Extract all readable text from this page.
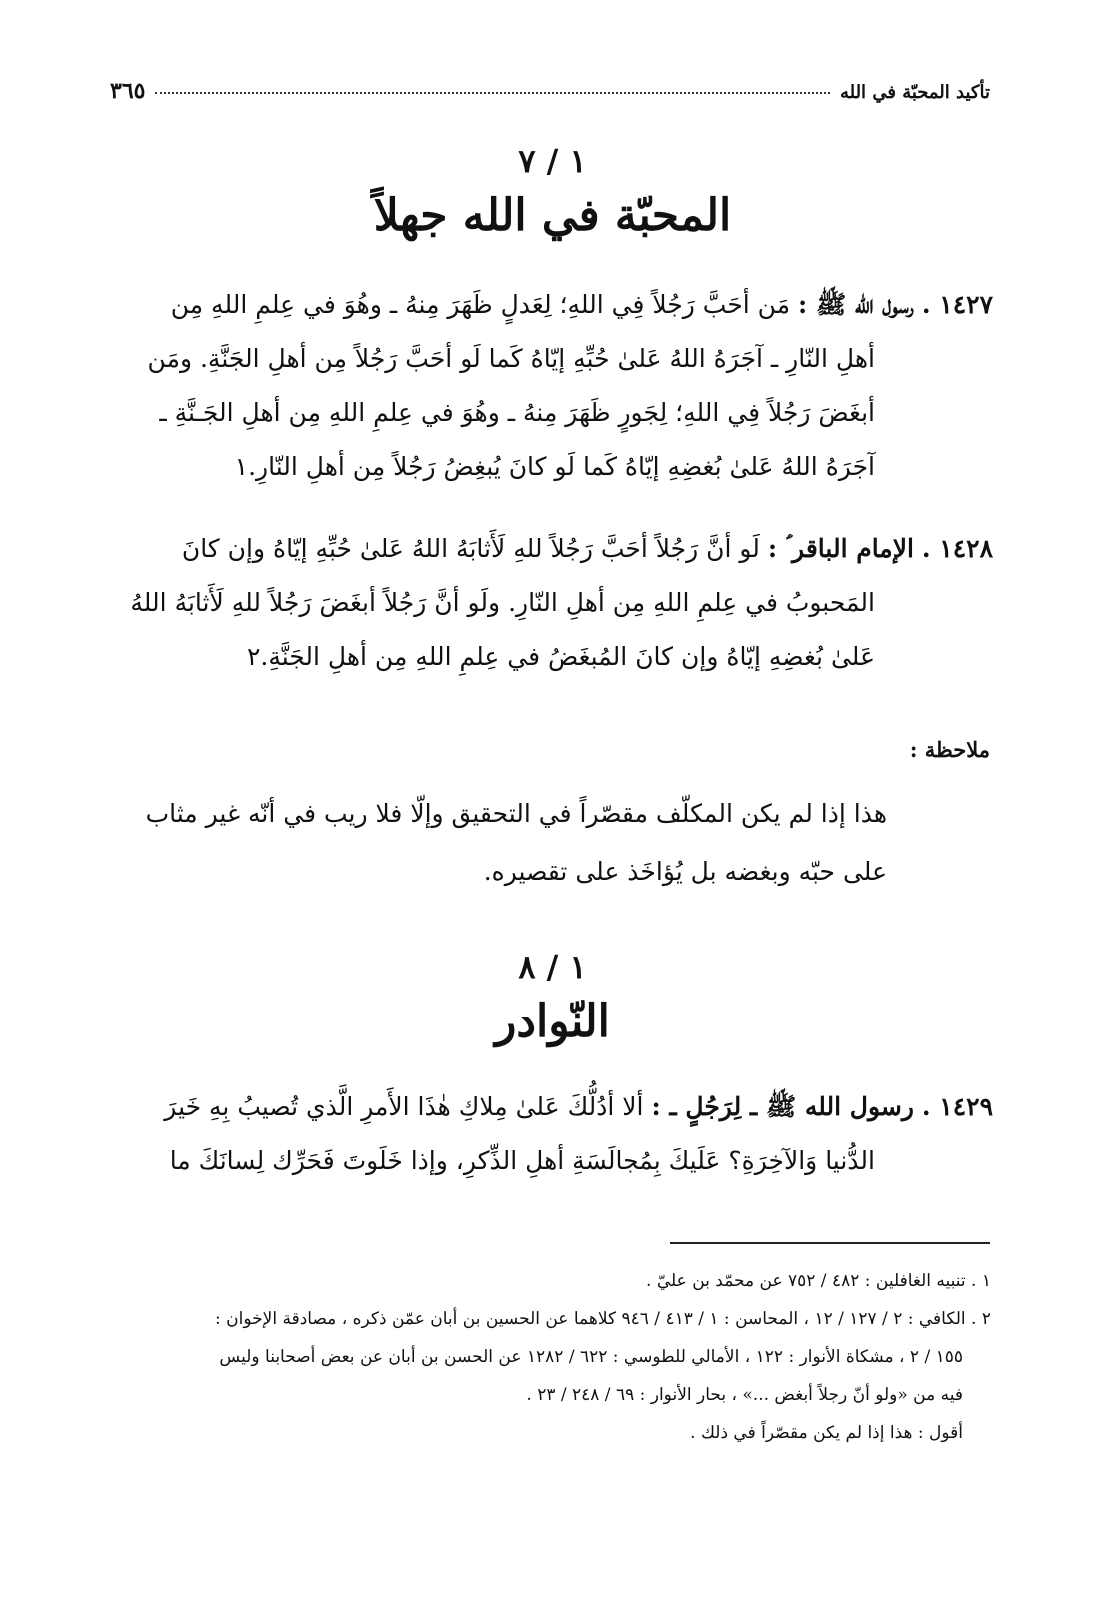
تأكيد المحبّة في الله
٣٦٥
١ / ٧
المحبّة في الله جهلاً
١٤٢٧ . رسول الله ﷺ : مَن أحَبَّ رَجُلاً فِي اللهِ؛ لِعَدلٍ ظَهَرَ مِنهُ ـ وهُوَ في عِلمِ اللهِ مِن
أهلِ النّارِ ـ آجَرَهُ اللهُ عَلىٰ حُبِّهِ إيّاهُ كَما لَو أحَبَّ رَجُلاً مِن أهلِ الجَنَّةِ. ومَن
أبغَضَ رَجُلاً فِي اللهِ؛ لِجَورٍ ظَهَرَ مِنهُ ـ وهُوَ في عِلمِ اللهِ مِن أهلِ الجَـنَّةِ ـ
آجَرَهُ اللهُ عَلىٰ بُغضِهِ إيّاهُ كَما لَو كانَ يُبغِضُ رَجُلاً مِن أهلِ النّارِ.١
١٤٢٨ . الإمام الباقر ؑ : لَو أنَّ رَجُلاً أحَبَّ رَجُلاً للهِ لَأَثابَهُ اللهُ عَلىٰ حُبِّهِ إيّاهُ وإن كانَ
المَحبوبُ في عِلمِ اللهِ مِن أهلِ النّارِ. ولَو أنَّ رَجُلاً أبغَضَ رَجُلاً للهِ لَأَثابَهُ اللهُ
عَلىٰ بُغضِهِ إيّاهُ وإن كانَ المُبغَضُ في عِلمِ اللهِ مِن أهلِ الجَنَّةِ.٢
ملاحظة :
هذا إذا لم يكن المكلّف مقصّراً في التحقيق وإلّا فلا ريب في أنّه غير مثاب
على حبّه وبغضه بل يُؤاخَذ على تقصيره.
١ / ٨
النّوادر
١٤٢٩ . رسول الله ﷺ ـ لِرَجُلٍ ـ : ألا أدُلُّكَ عَلىٰ مِلاكِ هٰذَا الأَمرِ الَّذي تُصيبُ بِهِ خَيرَ
الدُّنيا وَالآخِرَةِ؟ عَلَيكَ بِمُجالَسَةِ أهلِ الذِّكرِ، وإذا خَلَوتَ فَحَرِّك لِسانَكَ ما
١ . تنبيه الغافلين : ٤٨٢ / ٧٥٢ عن محمّد بن عليّ .
٢ . الكافي : ٢ / ١٢٧ / ١٢ ، المحاسن : ١ / ٤١٣ / ٩٤٦ كلاهما عن الحسين بن أبان عمّن ذكره ، مصادقة الإخوان :
١٥٥ / ٢ ، مشكاة الأنوار : ١٢٢ ، الأمالي للطوسي : ٦٢٢ / ١٢٨٢ عن الحسن بن أبان عن بعض أصحابنا وليس
فيه من «ولو أنّ رجلاً أبغض ...» ، بحار الأنوار : ٦٩ / ٢٤٨ / ٢٣ .
أقول : هذا إذا لم يكن مقصّراً في ذلك .
